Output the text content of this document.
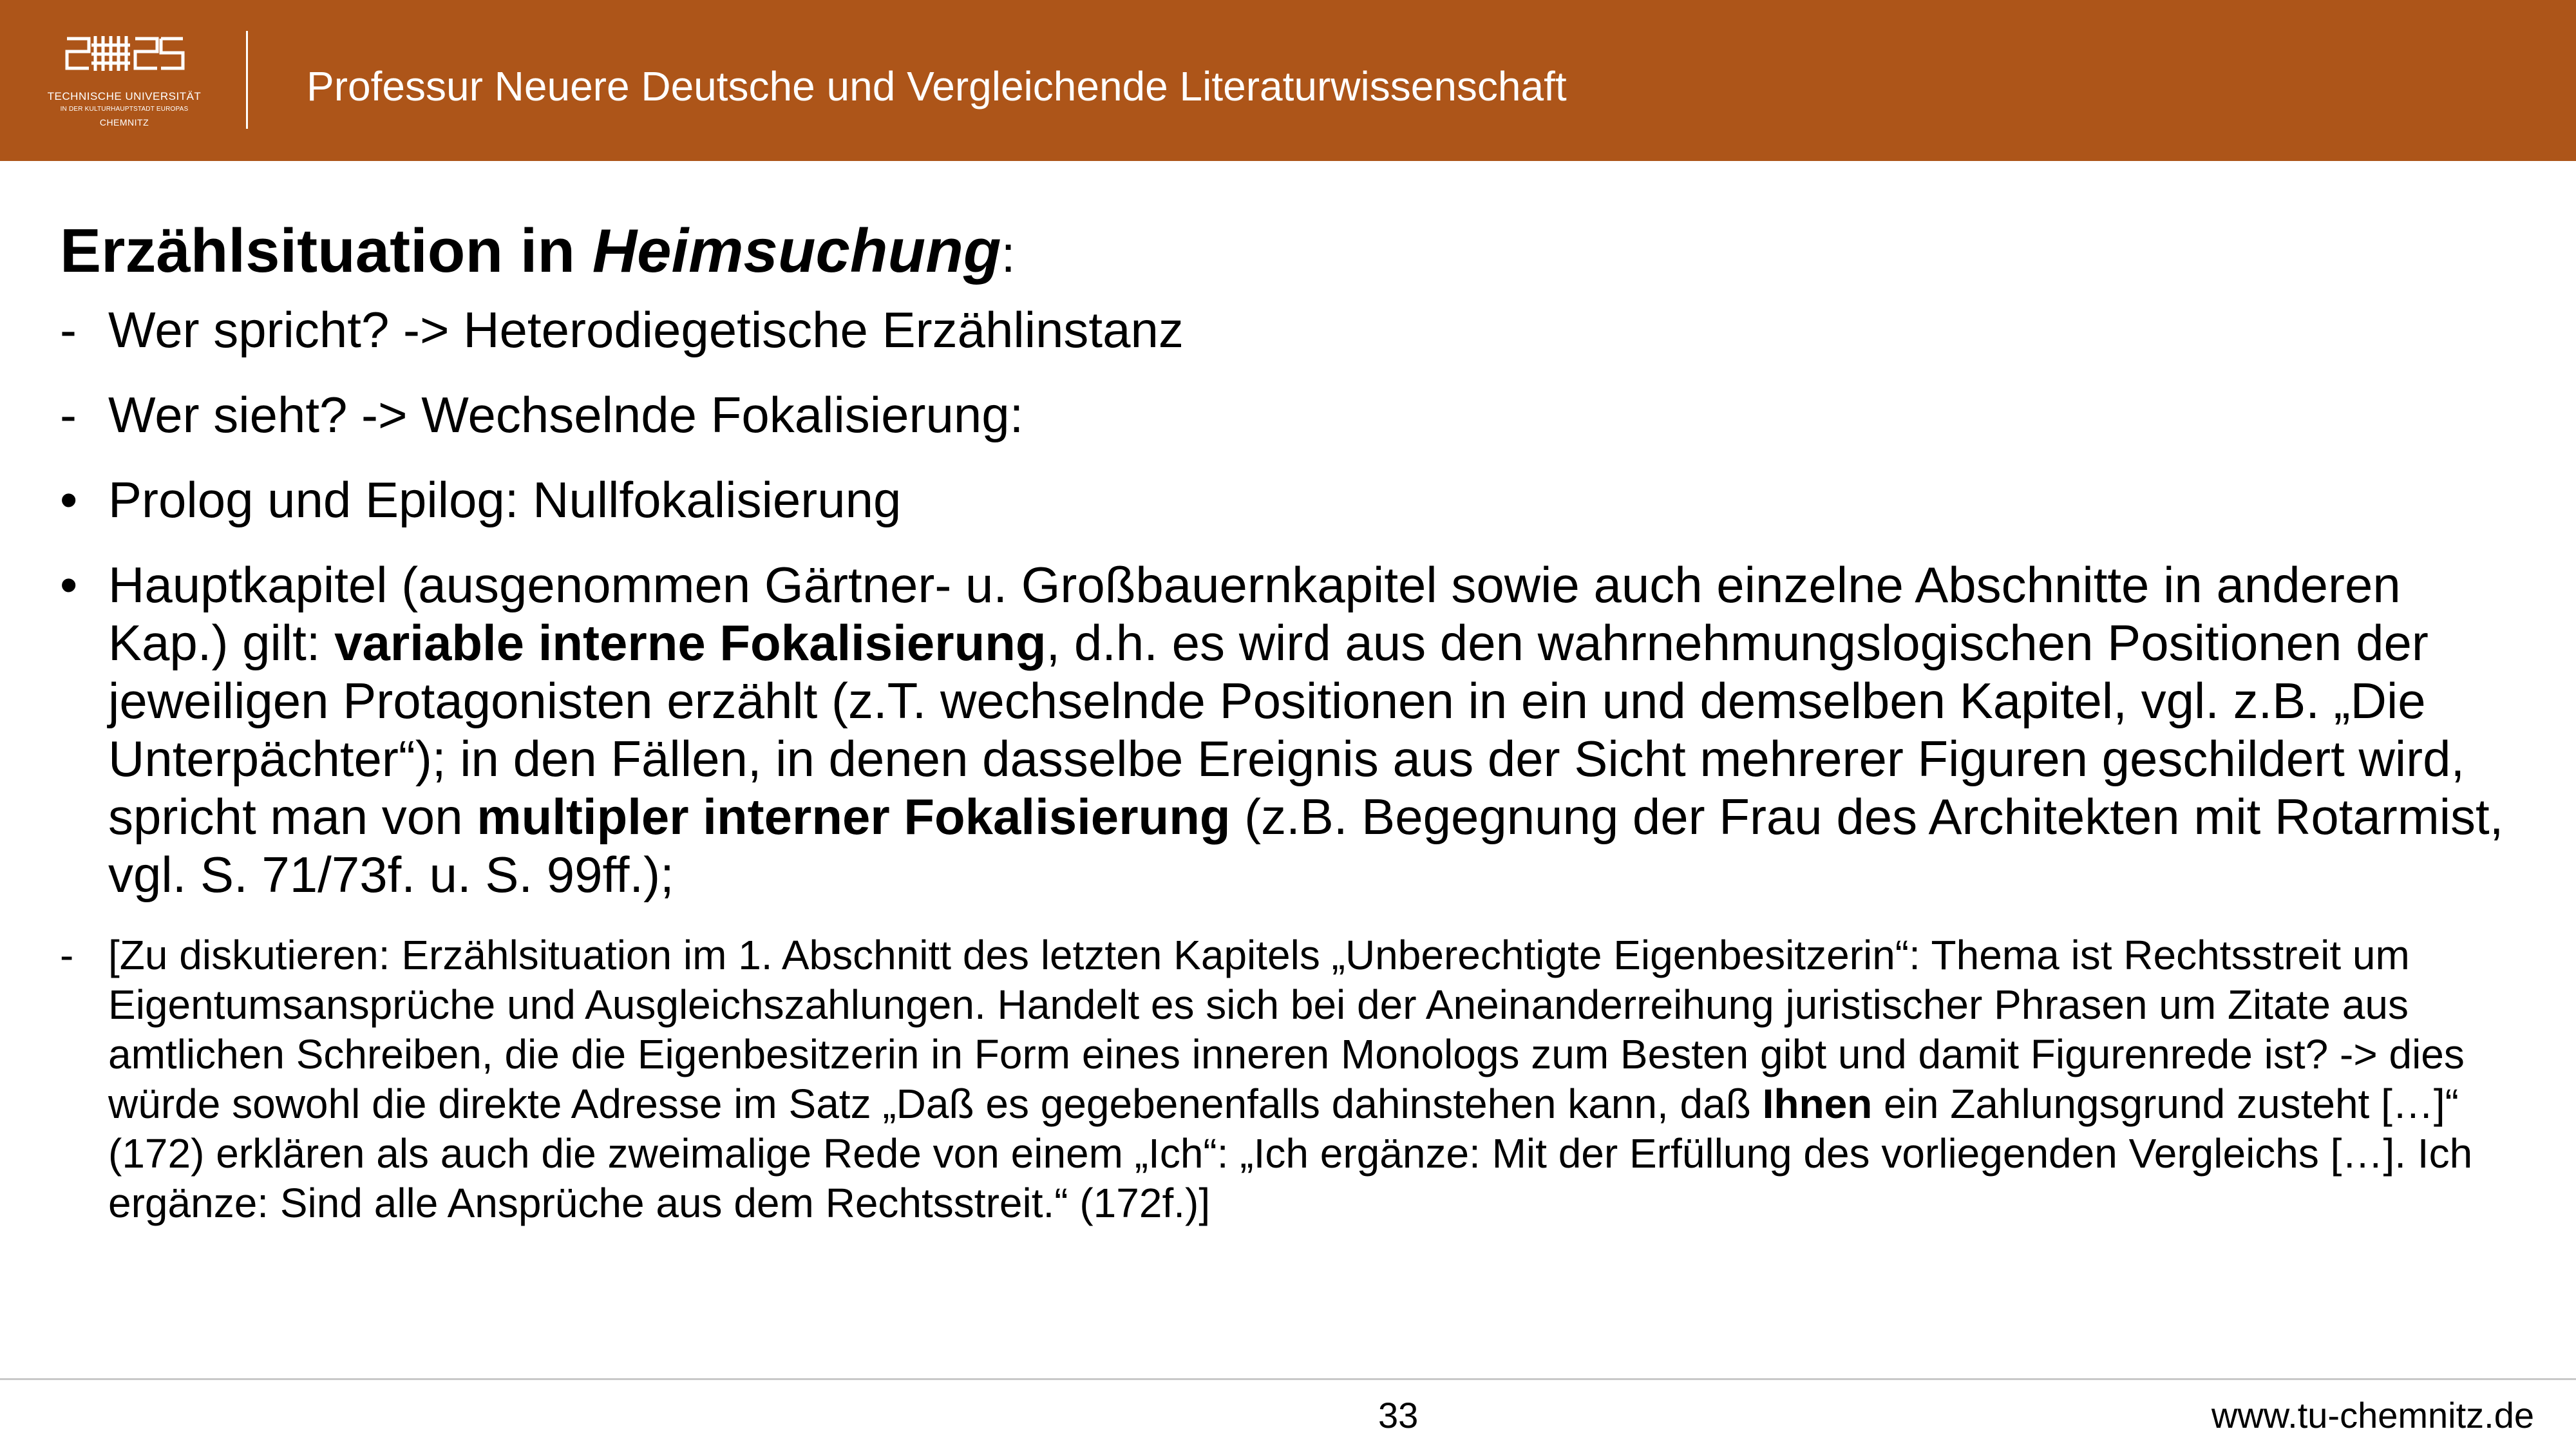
TECHNISCHE UNIVERSITÄT
IN DER KULTURHAUPTSTADT EUROPAS
CHEMNITZ
Professur Neuere Deutsche und Vergleichende Literaturwissenschaft
Erzählsituation in Heimsuchung:
- Wer spricht? -> Heterodiegetische Erzählinstanz
- Wer sieht? -> Wechselnde Fokalisierung:
• Prolog und Epilog: Nullfokalisierung
• Hauptkapitel (ausgenommen Gärtner- u. Großbauernkapitel sowie auch einzelne Abschnitte in anderen Kap.) gilt: variable interne Fokalisierung, d.h. es wird aus den wahrnehmungslogischen Positionen der jeweiligen Protagonisten erzählt (z.T. wechselnde Positionen in ein und demselben Kapitel, vgl. z.B. „Die Unterpächter“); in den Fällen, in denen dasselbe Ereignis aus der Sicht mehrerer Figuren geschildert wird, spricht man von multipler interner Fokalisierung (z.B. Begegnung der Frau des Architekten mit Rotarmist, vgl. S. 71/73f. u. S. 99ff.);
- [Zu diskutieren: Erzählsituation im 1. Abschnitt des letzten Kapitels „Unberechtigte Eigenbesitzerin“: Thema ist Rechtsstreit um Eigentumsansprüche und Ausgleichszahlungen. Handelt es sich bei der Aneinanderreihung juristischer Phrasen um Zitate aus amtlichen Schreiben, die die Eigenbesitzerin in Form eines inneren Monologs zum Besten gibt und damit Figurenrede ist? -> dies würde sowohl die direkte Adresse im Satz „Daß es gegebenenfalls dahinstehen kann, daß Ihnen ein Zahlungsgrund zusteht […]“ (172) erklären als auch die zweimalige Rede von einem „Ich“: „Ich ergänze: Mit der Erfüllung des vorliegenden Vergleichs […]. Ich ergänze: Sind alle Ansprüche aus dem Rechtsstreit.“ (172f.)]
33	www.tu-chemnitz.de
